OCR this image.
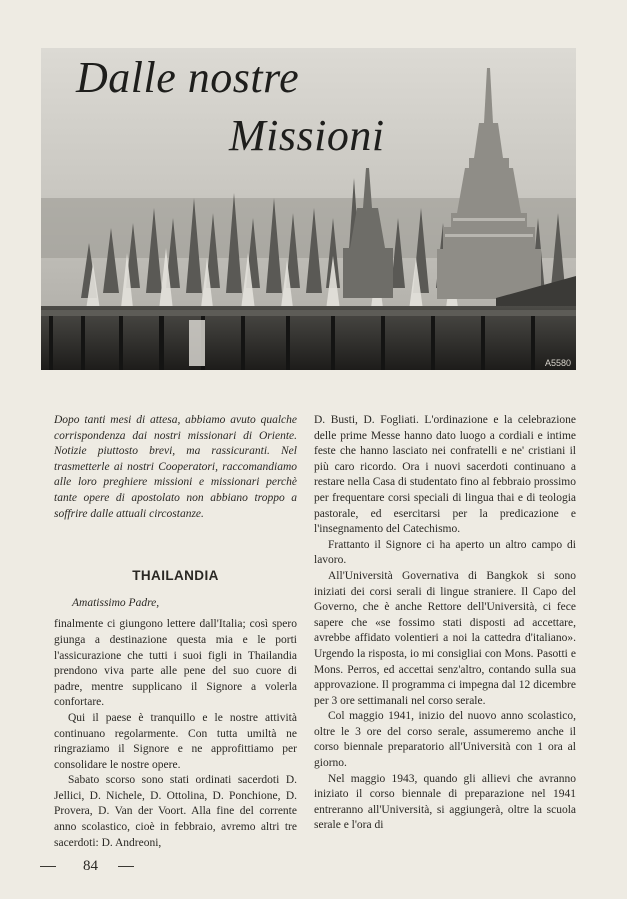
Dalle nostre
Missioni
A5580

Dopo tanti mesi di attesa, abbiamo avuto qualche corrispondenza dai nostri missionari di Oriente. Notizie piuttosto brevi, ma rassicuranti. Nel trasmetterle ai nostri Cooperatori, raccomandiamo alle loro preghiere missioni e missionari perchè tante opere di apostolato non abbiano troppo a soffrire dalle attuali circostanze.

THAILANDIA

Amatissimo Padre,

finalmente ci giungono lettere dall'Italia; così spero giunga a destinazione questa mia e le porti l'assicurazione che tutti i suoi figli in Thailandia prendono viva parte alle pene del suo cuore di padre, mentre supplicano il Signore a volerla confortare.

Qui il paese è tranquillo e le nostre attività continuano regolarmente. Con tutta umiltà ne ringraziamo il Signore e ne approfittiamo per consolidare le nostre opere.

Sabato scorso sono stati ordinati sacerdoti D. Jellici, D. Nichele, D. Ottolina, D. Ponchione, D. Provera, D. Van der Voort. Alla fine del corrente anno scolastico, cioè in febbraio, avremo altri tre sacerdoti: D. Andreoni,

D. Busti, D. Fogliati. L'ordinazione e la celebrazione delle prime Messe hanno dato luogo a cordiali e intime feste che hanno lasciato nei confratelli e ne' cristiani il più caro ricordo. Ora i nuovi sacerdoti continuano a restare nella Casa di studentato fino al febbraio prossimo per frequentare corsi speciali di lingua thai e di teologia pastorale, ed esercitarsi per la predicazione e l'insegnamento del Catechismo.

Frattanto il Signore ci ha aperto un altro campo di lavoro.

All'Università Governativa di Bangkok si sono iniziati dei corsi serali di lingue straniere. Il Capo del Governo, che è anche Rettore dell'Università, ci fece sapere che «se fossimo stati disposti ad accettare, avrebbe affidato volentieri a noi la cattedra d'italiano». Urgendo la risposta, io mi consigliai con Mons. Pasotti e Mons. Perros, ed accettai senz'altro, contando sulla sua approvazione. Il programma ci impegna dal 12 dicembre per 3 ore settimanali nel corso serale.

Col maggio 1941, inizio del nuovo anno scolastico, oltre le 3 ore del corso serale, assumeremo anche il corso biennale preparatorio all'Università con 1 ora al giorno.

Nel maggio 1943, quando gli allievi che avranno iniziato il corso biennale di preparazione nel 1941 entreranno all'Università, si aggiungerà, oltre la scuola serale e l'ora di

84
